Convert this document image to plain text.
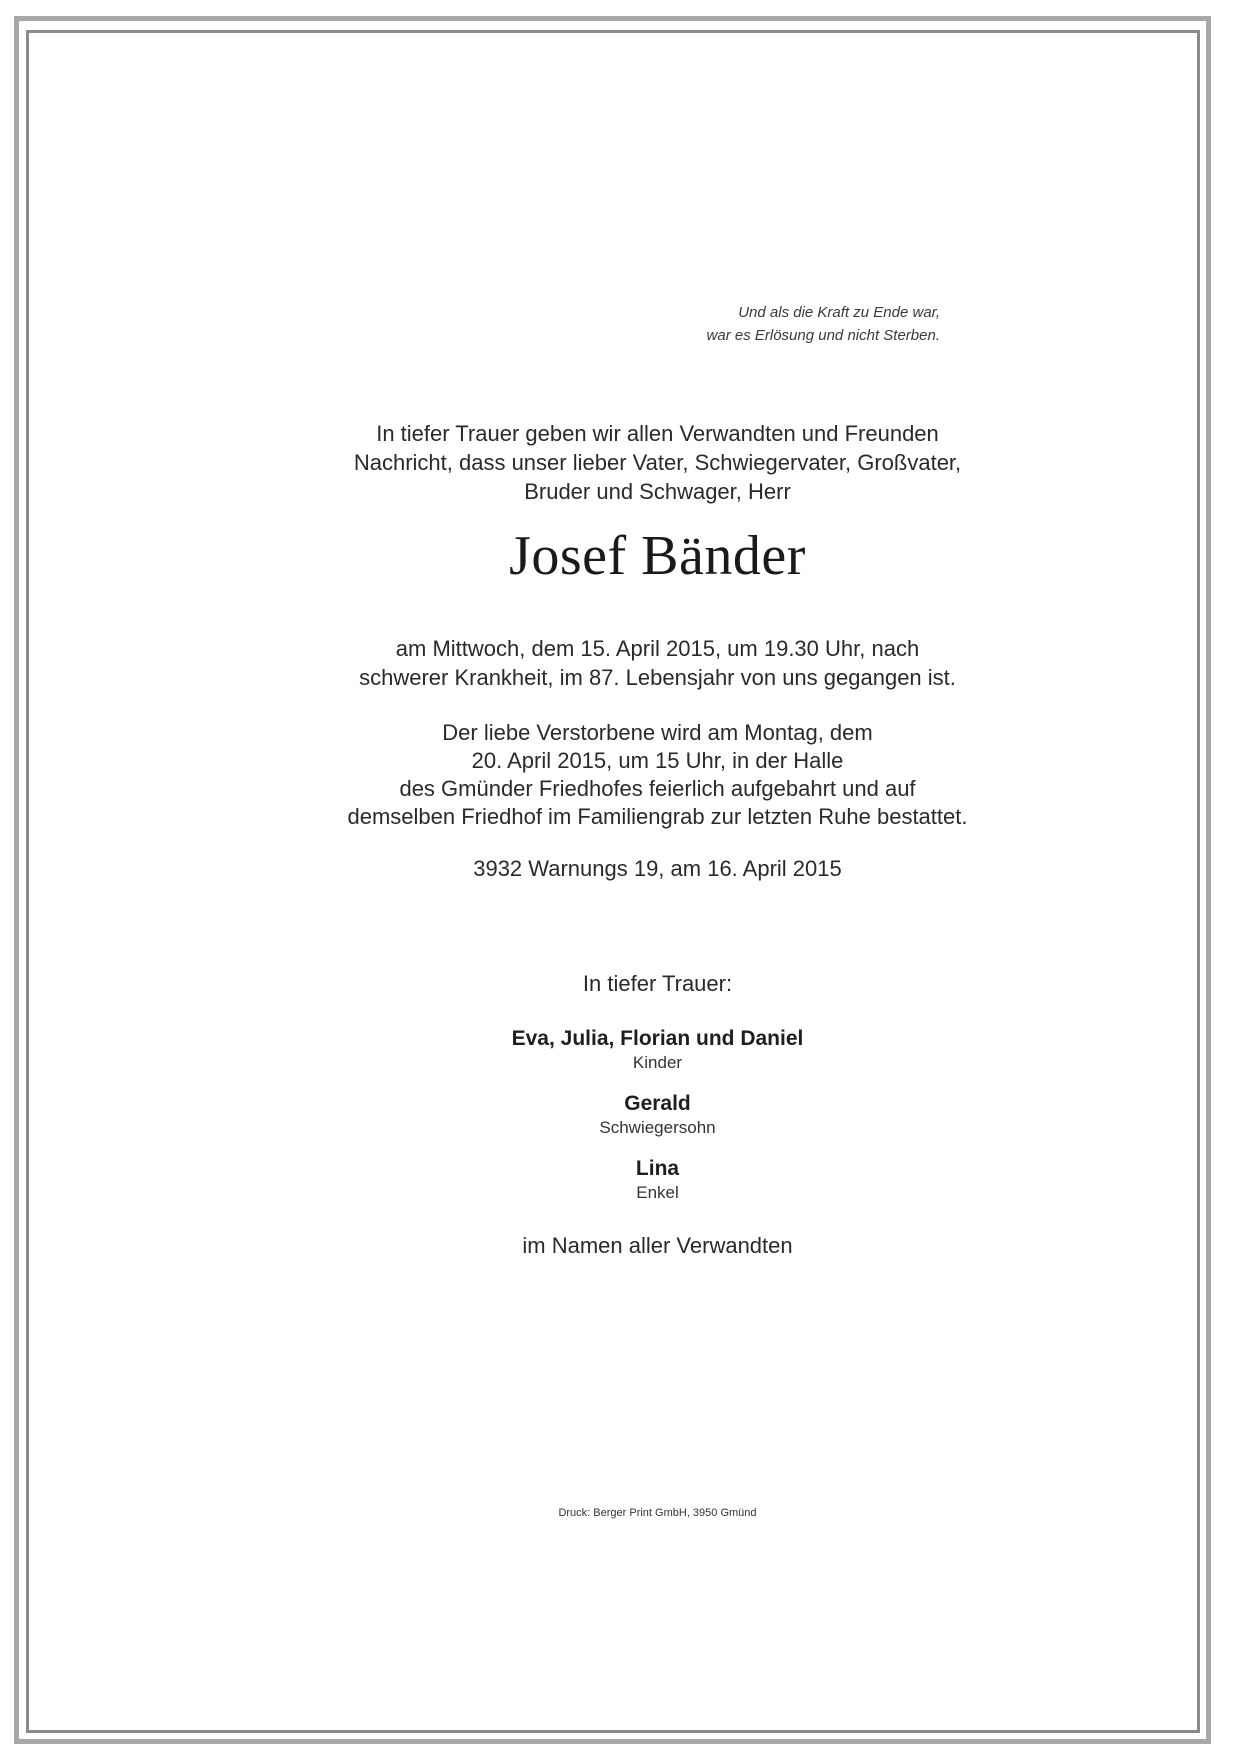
Und als die Kraft zu Ende war,
war es Erlösung und nicht Sterben.
In tiefer Trauer geben wir allen Verwandten und Freunden
Nachricht, dass unser lieber Vater, Schwiegervater, Großvater,
Bruder und Schwager, Herr
Josef Bänder
am Mittwoch, dem 15. April 2015, um 19.30 Uhr, nach
schwerer Krankheit, im 87. Lebensjahr von uns gegangen ist.
Der liebe Verstorbene wird am Montag, dem
20. April 2015, um 15 Uhr, in der Halle
des Gmünder Friedhofes feierlich aufgebahrt und auf
demselben Friedhof im Familiengrab zur letzten Ruhe bestattet.
3932 Warnungs 19, am 16. April 2015
In tiefer Trauer:
Eva, Julia, Florian und Daniel
Kinder
Gerald
Schwiegersohn
Lina
Enkel
im Namen aller Verwandten
Druck: Berger Print GmbH, 3950 Gmünd
